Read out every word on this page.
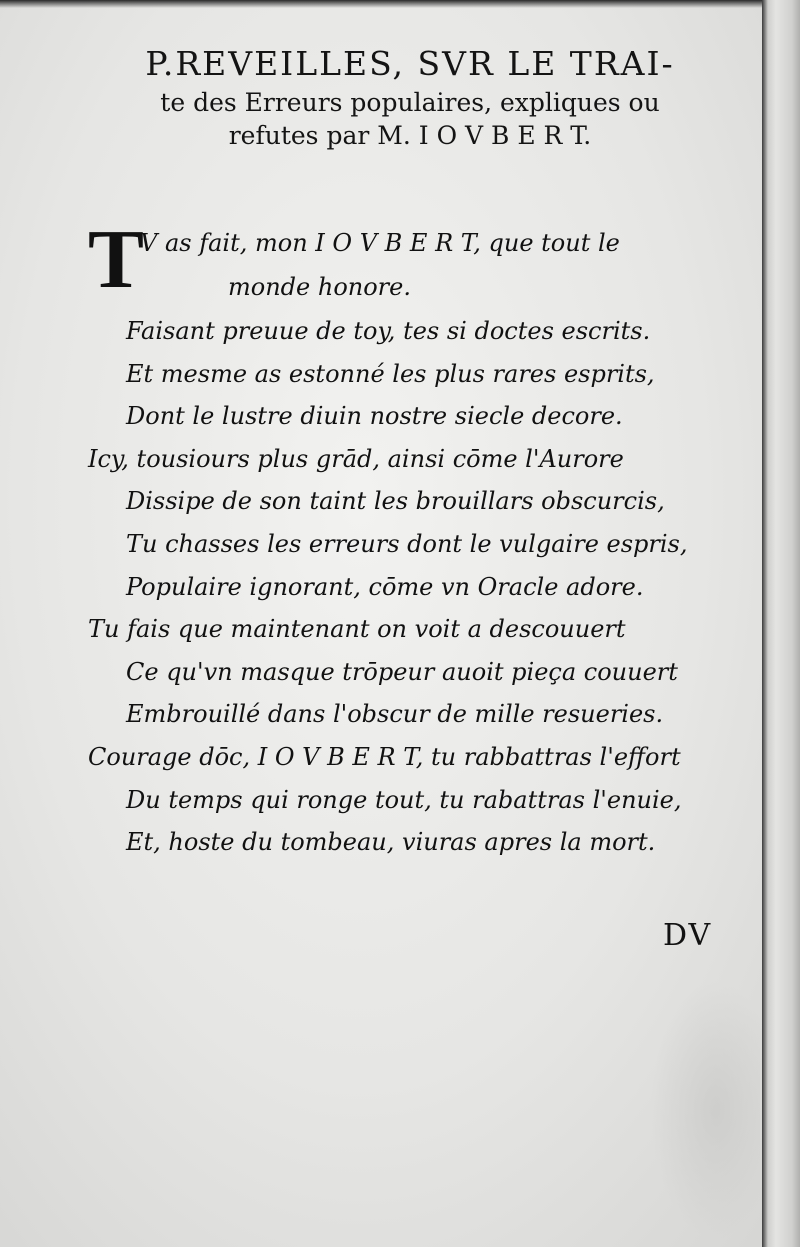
P.REVEILLES, SVR LE TRAI-
te des Erreurs populaires, expliques ou
refutes par M. I O V B E R T.
T
V as fait, mon I O V B E R T, que tout le
monde honore.
Faisant preuue de toy, tes si doctes escrits.
Et mesme as estonné les plus rares esprits,
Dont le lustre diuin nostre siecle decore.
Icy, tousiours plus grād, ainsi cōme l'Aurore
Dissipe de son taint les brouillars obscurcis,
Tu chasses les erreurs dont le vulgaire espris,
Populaire ignorant, cōme vn Oracle adore.
Tu fais que maintenant on voit a descouuert
Ce qu'vn masque trōpeur auoit pieça couuert
Embrouillé dans l'obscur de mille resueries.
Courage dōc, I O V B E R T, tu rabbattras l'effort
Du temps qui ronge tout, tu rabattras l'enuie,
Et, hoste du tombeau, viuras apres la mort.
DV
